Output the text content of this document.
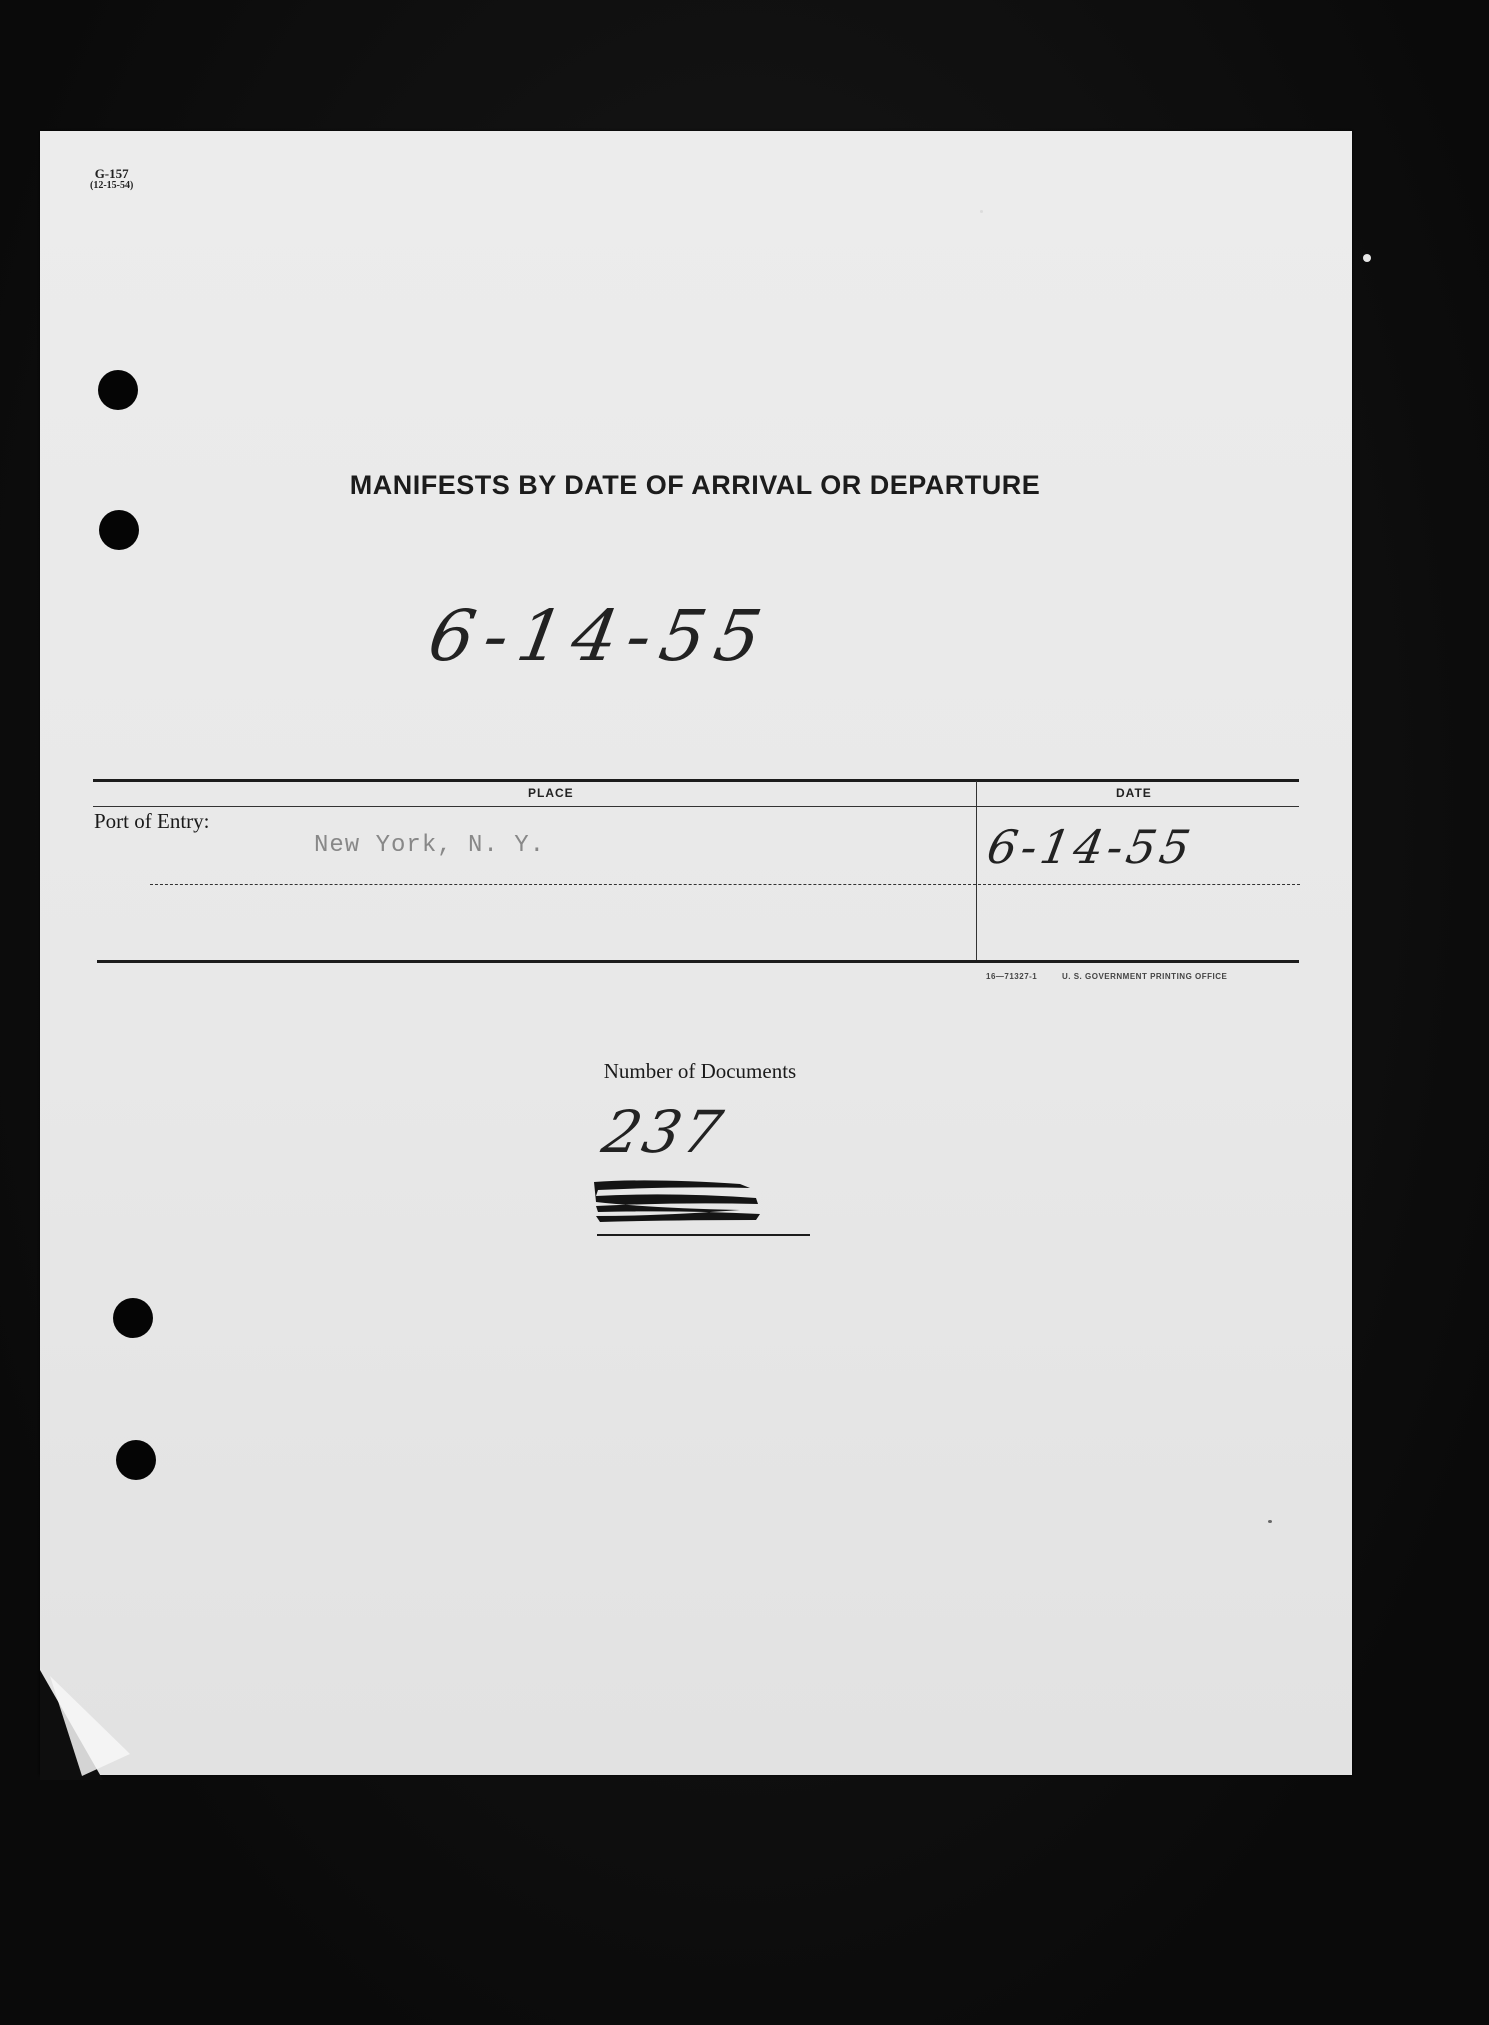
G-157
(12-15-54)
MANIFESTS BY DATE OF ARRIVAL OR DEPARTURE
6-14-55
PLACE	DATE
Port of Entry:
New York, N. Y.	6-14-55
16—71327-1	U. S. GOVERNMENT PRINTING OFFICE
Number of Documents
237
